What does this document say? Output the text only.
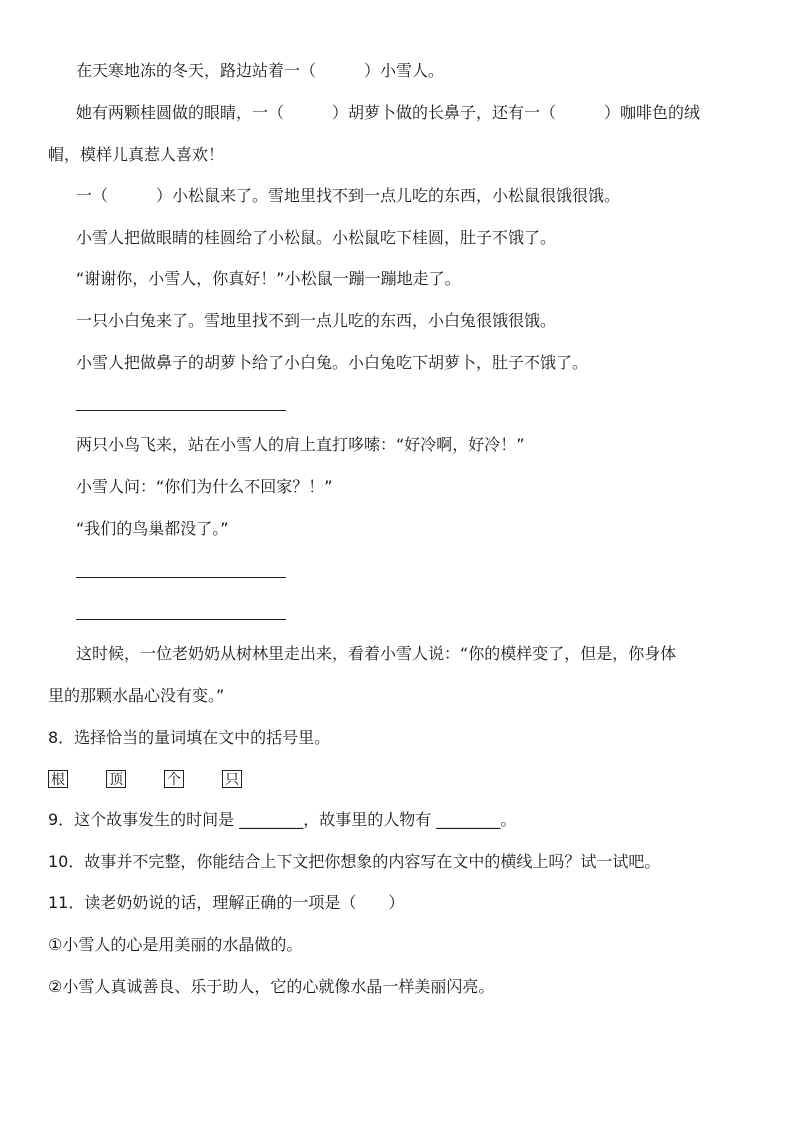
在天寒地冻的冬天，路边站着一（　　　）小雪人。
她有两颗桂圆做的眼睛，一（　　　）胡萝卜做的长鼻子，还有一（　　　）咖啡色的绒
帽，模样儿真惹人喜欢！
一（　　　）小松鼠来了。雪地里找不到一点儿吃的东西，小松鼠很饿很饿。
小雪人把做眼睛的桂圆给了小松鼠。小松鼠吃下桂圆，肚子不饿了。
“谢谢你，小雪人，你真好！”小松鼠一蹦一蹦地走了。
一只小白兔来了。雪地里找不到一点儿吃的东西，小白兔很饿很饿。
小雪人把做鼻子的胡萝卜给了小白兔。小白兔吃下胡萝卜，肚子不饿了。
两只小鸟飞来，站在小雪人的肩上直打哆嗦：“好冷啊，好冷！”
小雪人问：“你们为什么不回家？！”
“我们的鸟巢都没了。”
这时候，一位老奶奶从树林里走出来，看着小雪人说：“你的模样变了，但是，你身体
里的那颗水晶心没有变。”
8．选择恰当的量词填在文中的括号里。
根	顶	个	只
9．这个故事发生的时间是 ________，故事里的人物有 ________。
10．故事并不完整，你能结合上下文把你想象的内容写在文中的横线上吗？试一试吧。
11．读老奶奶说的话，理解正确的一项是（　　）
①小雪人的心是用美丽的水晶做的。
②小雪人真诚善良、乐于助人，它的心就像水晶一样美丽闪亮。
